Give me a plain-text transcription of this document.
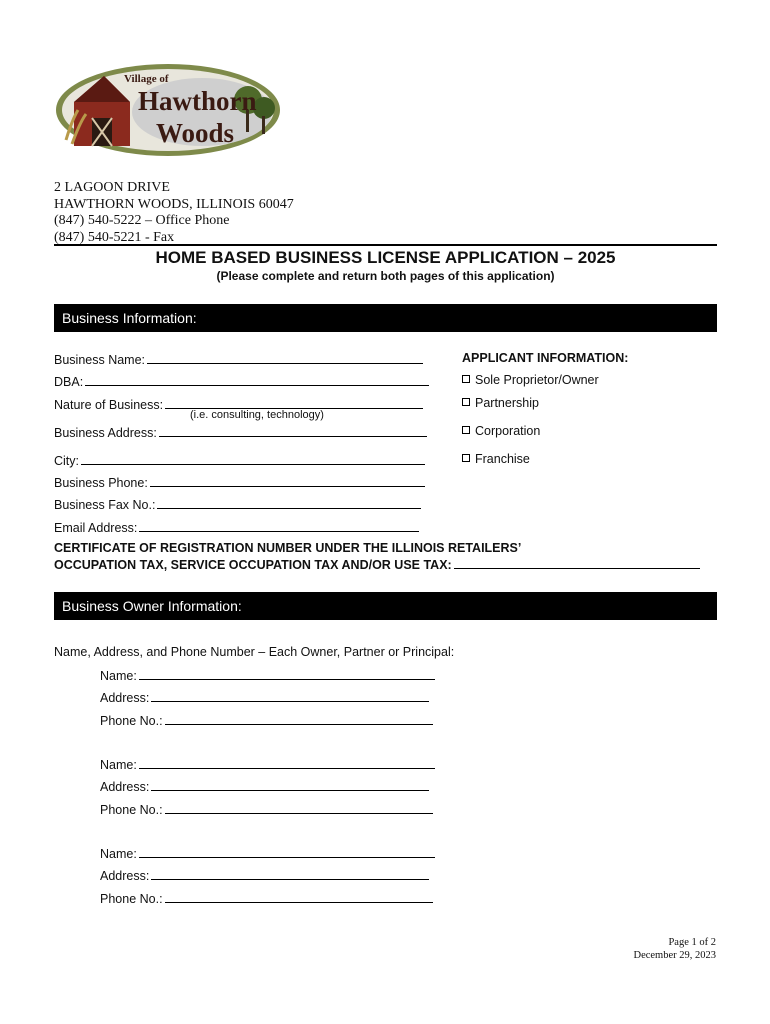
Village of
Hawthorn
Woods
2 LAGOON DRIVE
HAWTHORN WOODS, ILLINOIS 60047
(847) 540-5222 – Office Phone
(847) 540-5221 - Fax
HOME BASED BUSINESS LICENSE APPLICATION – 2025
(Please complete and return both pages of this application)
Business Information:
Business Name:
DBA:
Nature of Business:
(i.e. consulting, technology)
Business Address:
City:
Business Phone:
Business Fax No.:
Email Address:
APPLICANT INFORMATION:
Sole Proprietor/Owner
Partnership
Corporation
Franchise
CERTIFICATE OF REGISTRATION NUMBER UNDER THE ILLINOIS RETAILERS’
OCCUPATION TAX, SERVICE OCCUPATION TAX AND/OR USE TAX:
Business Owner Information:
Name, Address, and Phone Number – Each Owner, Partner or Principal:
Name:
Address:
Phone No.:
Name:
Address:
Phone No.:
Name:
Address:
Phone No.:
Page 1 of 2
December 29, 2023
